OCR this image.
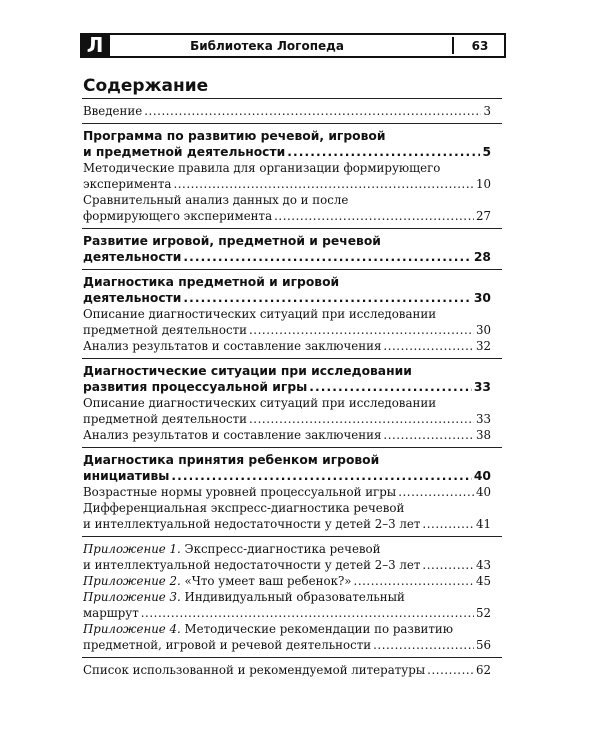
Л	Библиотека Логопеда	63
Содержание
Введение . . .	3
Программа по развитию речевой, игровой
и предметной деятельности . . .	5
Методические правила для организации формирующего
эксперимента . . .	10
Сравнительный анализ данных до и после
формирующего эксперимента . . .	27
Развитие игровой, предметной и речевой
деятельности . . .	28
Диагностика предметной и игровой
деятельности . . .	30
Описание диагностических ситуаций при исследовании
предметной деятельности . . .	30
Анализ результатов и составление заключения . . .	32
Диагностические ситуации при исследовании
развития процессуальной игры . . .	33
Описание диагностических ситуаций при исследовании
предметной деятельности . . .	33
Анализ результатов и составление заключения . . .	38
Диагностика принятия ребенком игровой
инициативы . . .	40
Возрастные нормы уровней процессуальной игры . . .	40
Дифференциальная экспресс-диагностика речевой
и интеллектуальной недостаточности у детей 2–3 лет . . .	41
Приложение 1. Экспресс-диагностика речевой
и интеллектуальной недостаточности у детей 2–3 лет . . .	43
Приложение 2. «Что умеет ваш ребенок?» . . .	45
Приложение 3. Индивидуальный образовательный
маршрут . . .	52
Приложение 4. Методические рекомендации по развитию
предметной, игровой и речевой деятельности . . .	56
Список использованной и рекомендуемой литературы . . .	62
